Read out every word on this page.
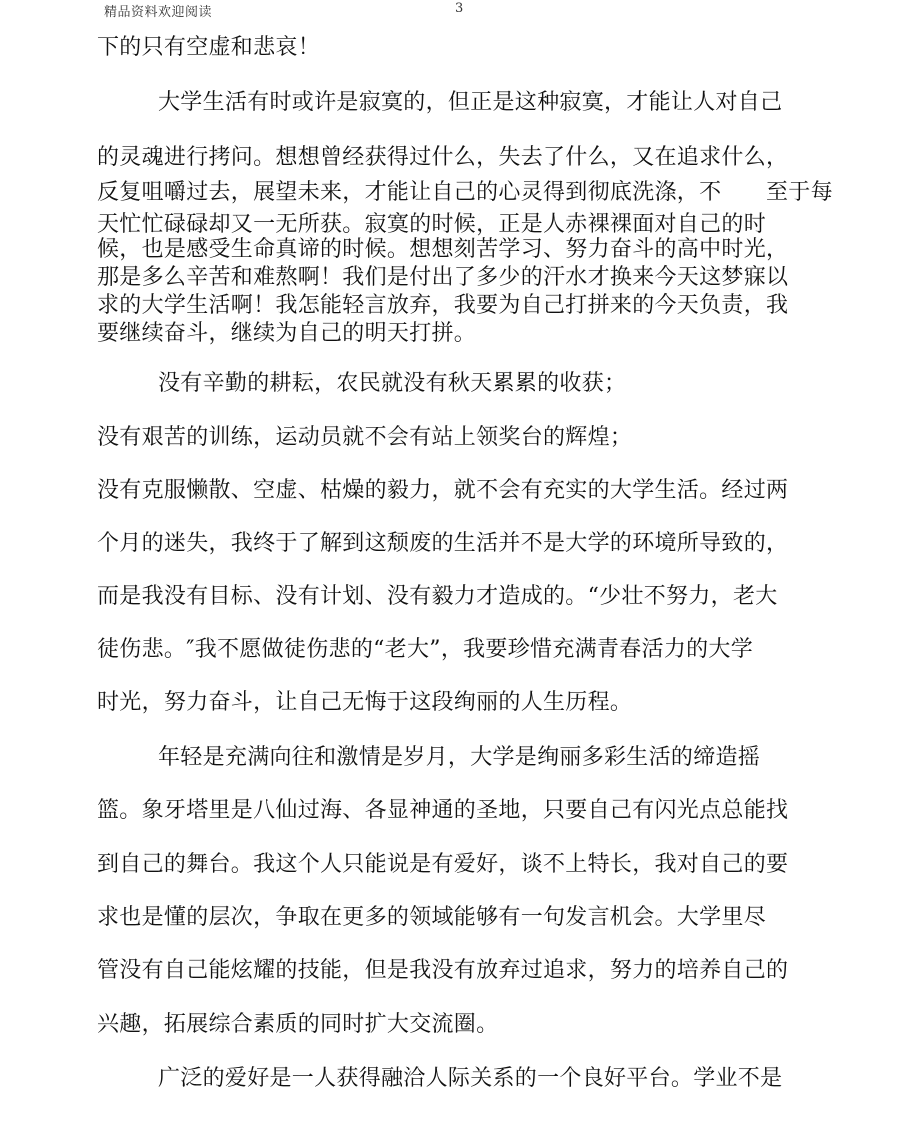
精品资料欢迎阅读	3
下的只有空虚和悲哀！
大学生活有时或许是寂寞的，但正是这种寂寞，才能让人对自己
的灵魂进行拷问。想想曾经获得过什么，失去了什么，又在追求什么，
反复咀嚼过去，展望未来，才能让自己的心灵得到彻底洗涤，不　　至于每
天忙忙碌碌却又一无所获。寂寞的时候，正是人赤裸裸面对自己的时
候，也是感受生命真谛的时候。想想刻苦学习、努力奋斗的高中时光，
那是多么辛苦和难熬啊！我们是付出了多少的汗水才换来今天这梦寐以
求的大学生活啊！我怎能轻言放弃，我要为自己打拼来的今天负责，我
要继续奋斗，继续为自己的明天打拼。
没有辛勤的耕耘，农民就没有秋天累累的收获；
没有艰苦的训练，运动员就不会有站上领奖台的辉煌；
没有克服懒散、空虚、枯燥的毅力，就不会有充实的大学生活。经过两
个月的迷失，我终于了解到这颓废的生活并不是大学的环境所导致的，
而是我没有目标、没有计划、没有毅力才造成的。“少壮不努力，老大
徒伤悲。″我不愿做徒伤悲的“老大”，我要珍惜充满青春活力的大学
时光，努力奋斗，让自己无悔于这段绚丽的人生历程。
年轻是充满向往和激情是岁月，大学是绚丽多彩生活的缔造摇
篮。象牙塔里是八仙过海、各显神通的圣地，只要自己有闪光点总能找
到自己的舞台。我这个人只能说是有爱好，谈不上特长，我对自己的要
求也是懂的层次，争取在更多的领域能够有一句发言机会。大学里尽
管没有自己能炫耀的技能，但是我没有放弃过追求，努力的培养自己的
兴趣，拓展综合素质的同时扩大交流圈。
广泛的爱好是一人获得融洽人际关系的一个良好平台。学业不是
